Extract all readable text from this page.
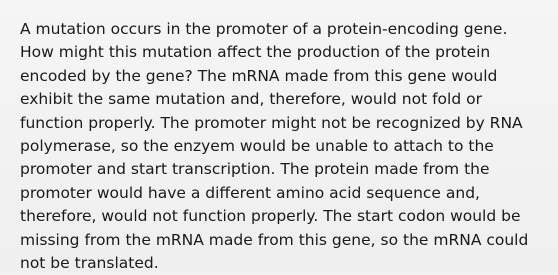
A mutation occurs in the promoter of a protein-encoding gene.
How might this mutation affect the production of the protein
encoded by the gene? The mRNA made from this gene would
exhibit the same mutation and, therefore, would not fold or
function properly. The promoter might not be recognized by RNA
polymerase, so the enzyem would be unable to attach to the
promoter and start transcription. The protein made from the
promoter would have a different amino acid sequence and,
therefore, would not function properly. The start codon would be
missing from the mRNA made from this gene, so the mRNA could
not be translated.
